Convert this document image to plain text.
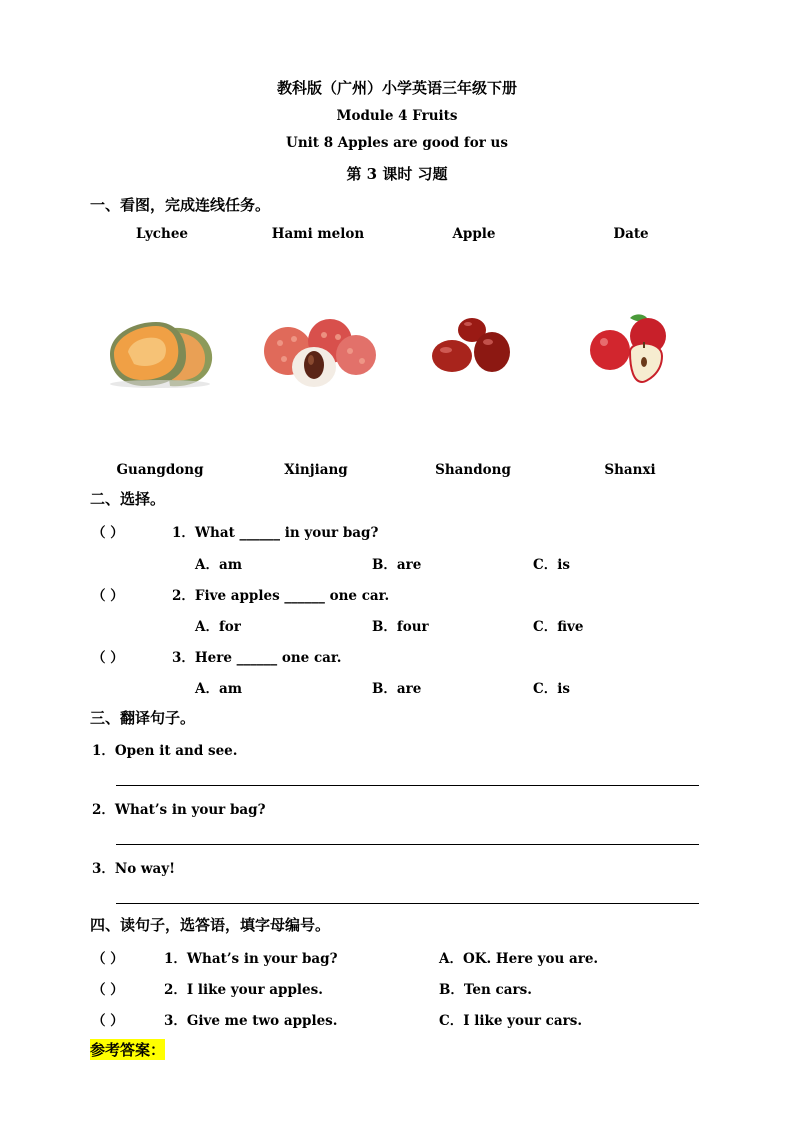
教科版（广州）小学英语三年级下册
Module 4 Fruits
Unit 8 Apples are good for us
第 3 课时 习题
一、看图，完成连线任务。
Lychee	Hami melon	Apple	Date
Guangdong	Xinjiang	Shandong	Shanxi
二、选择。
（ ）	1．What ______ in your bag?
A．am	B．are	C．is
（ ）	2．Five apples ______ one car.
A．for	B．four	C．five
（ ）	3．Here ______ one car.
A．am	B．are	C．is
三、翻译句子。
1．Open it and see.
2．What’s in your bag?
3．No way!
四、读句子，选答语，填字母编号。
（ ）	1．What’s in your bag?	A．OK. Here you are.
（ ）	2．I like your apples.	B．Ten cars.
（ ）	3．Give me two apples.	C．I like your cars.
参考答案：
